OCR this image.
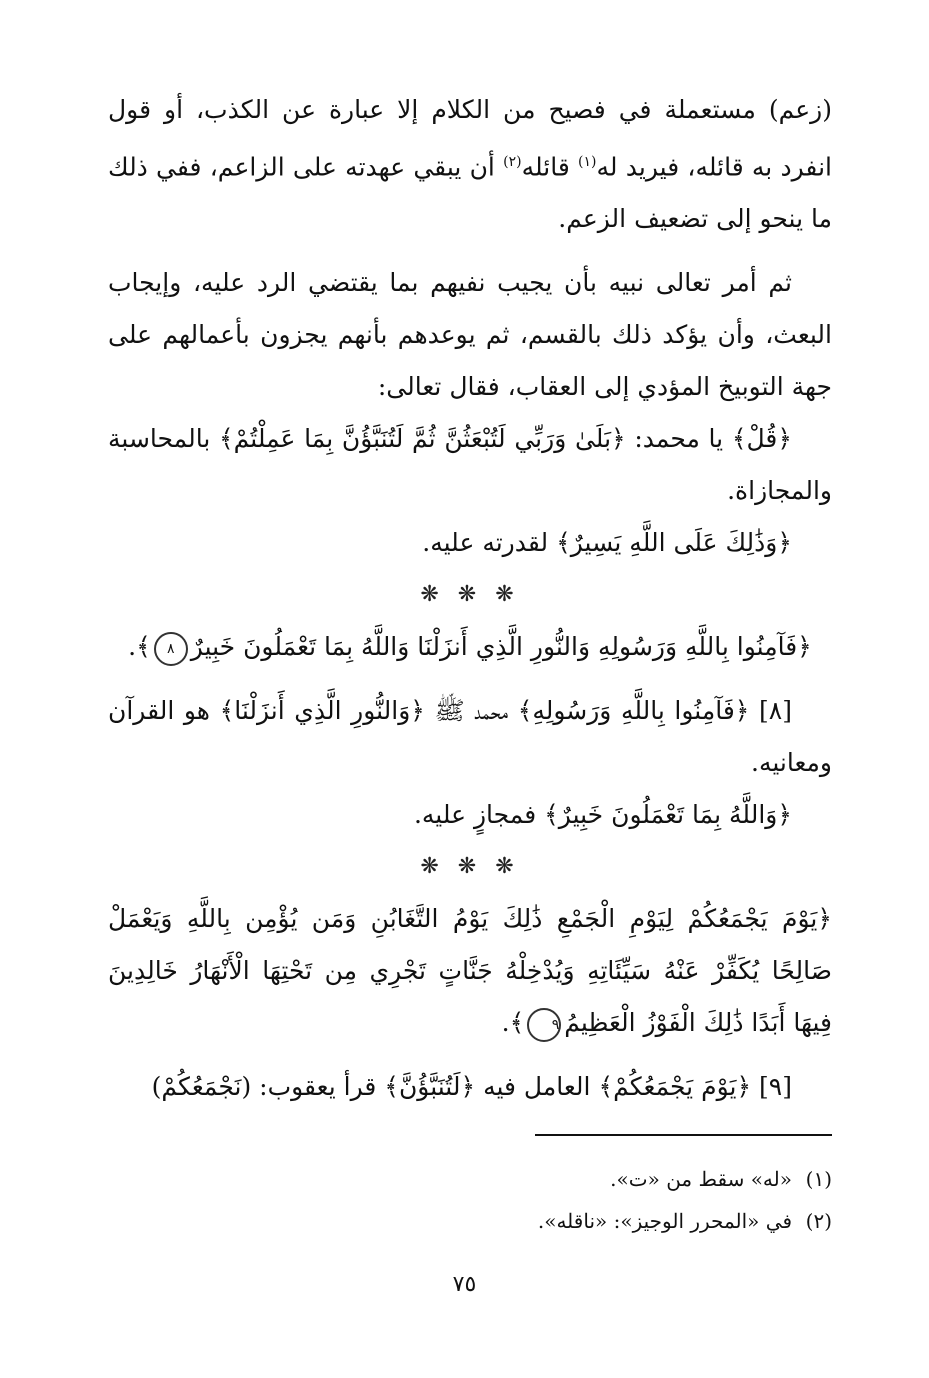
(زعم) مستعملة في فصيح من الكلام إلا عبارة عن الكذب، أو قول انفرد به قائله، فيريد له$^{(١)}$ قائله$^{(٢)}$ أن يبقي عهدته على الزاعم، ففي ذلك ما ينحو إلى تضعيف الزعم.

ثم أمر تعالى نبيه بأن يجيب نفيهم بما يقتضي الرد عليه، وإيجاب البعث، وأن يؤكد ذلك بالقسم، ثم يوعدهم بأنهم يجزون بأعمالهم على جهة التوبيخ المؤدي إلى العقاب، فقال تعالى:

﴿قُلْ﴾ يا محمد: ﴿بَلَىٰ وَرَبِّي لَتُبْعَثُنَّ ثُمَّ لَتُنَبَّؤُنَّ بِمَا عَمِلْتُمْ﴾ بالمحاسبة والمجازاة.

﴿وَذَٰلِكَ عَلَى اللَّهِ يَسِيرٌ﴾ لقدرته عليه.

❋ ❋ ❋

﴿فَآمِنُوا بِاللَّهِ وَرَسُولِهِ وَالنُّورِ الَّذِي أَنزَلْنَا وَاللَّهُ بِمَا تَعْمَلُونَ خَبِيرٌ٨﴾.

[٨] ﴿فَآمِنُوا بِاللَّهِ وَرَسُولِهِ﴾ محمد ﷺ ﴿وَالنُّورِ الَّذِي أَنزَلْنَا﴾ هو القرآن ومعانيه.

﴿وَاللَّهُ بِمَا تَعْمَلُونَ خَبِيرٌ﴾ فمجازٍ عليه.

❋ ❋ ❋

﴿يَوْمَ يَجْمَعُكُمْ لِيَوْمِ الْجَمْعِ ذَٰلِكَ يَوْمُ التَّغَابُنِ وَمَن يُؤْمِن بِاللَّهِ وَيَعْمَلْ صَالِحًا يُكَفِّرْ عَنْهُ سَيِّئَاتِهِ وَيُدْخِلْهُ جَنَّاتٍ تَجْرِي مِن تَحْتِهَا الْأَنْهَارُ خَالِدِينَ فِيهَا أَبَدًا ذَٰلِكَ الْفَوْزُ الْعَظِيمُ٩﴾.

[٩] ﴿يَوْمَ يَجْمَعُكُمْ﴾ العامل فيه ﴿لَتُنَبَّؤُنَّ﴾ قرأ يعقوب: (نَجْمَعُكُمْ)

(١)«له» سقط من «ت».
(٢)في «المحرر الوجيز»: «ناقله».
٧٥
